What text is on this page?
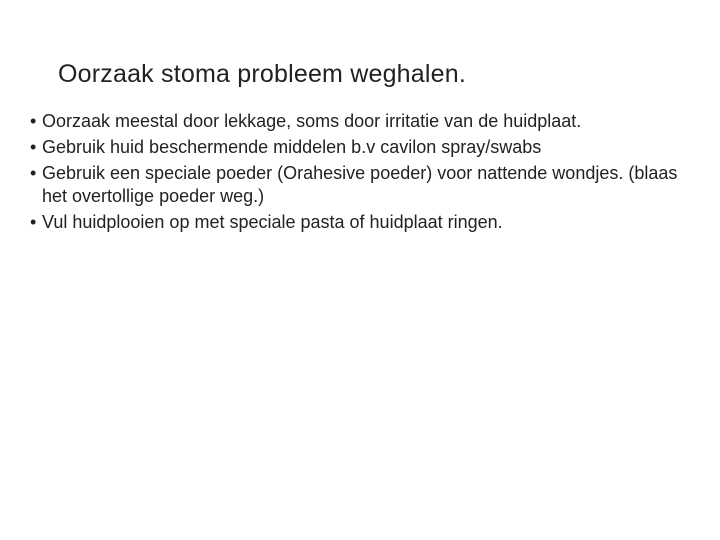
Oorzaak stoma probleem weghalen.
• Oorzaak meestal door lekkage, soms door irritatie van de huidplaat.
• Gebruik huid beschermende middelen b.v cavilon spray/swabs
• Gebruik een speciale poeder (Orahesive poeder) voor nattende wondjes. (blaas het overtollige poeder weg.)
• Vul huidplooien op met speciale pasta of huidplaat ringen.
